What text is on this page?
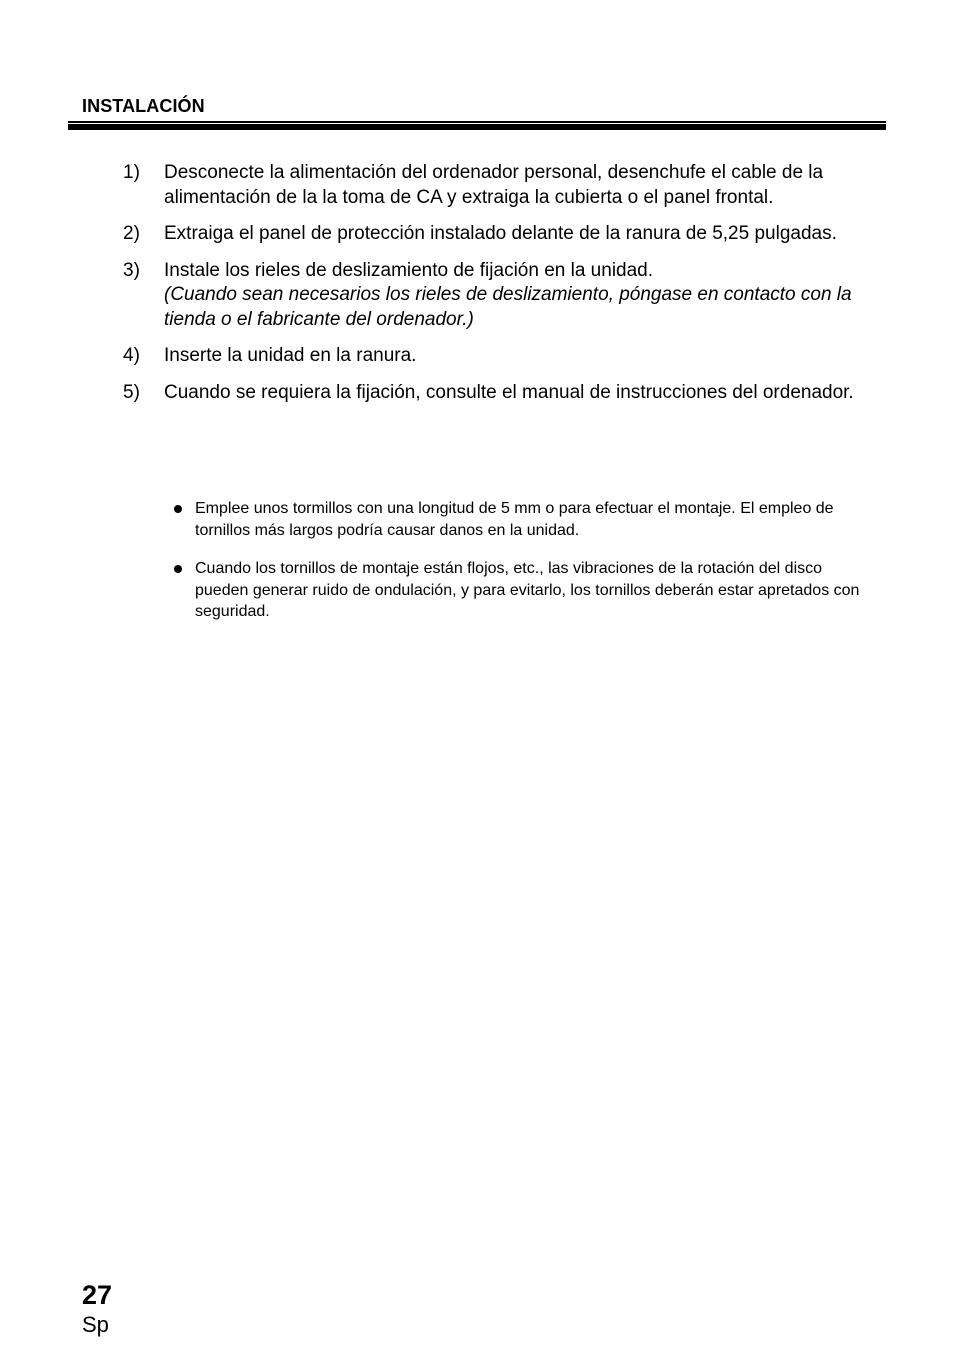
INSTALACIÓN
1) Desconecte la alimentación del ordenador personal, desenchufe el cable de la alimentación de la la toma de CA y extraiga la cubierta o el panel frontal.
2) Extraiga el panel de protección instalado delante de la ranura de 5,25 pulgadas.
3) Instale los rieles de deslizamiento de fijación en la unidad.
(Cuando sean necesarios los rieles de deslizamiento, póngase en contacto con la tienda o el fabricante del ordenador.)
4) Inserte la unidad en la ranura.
5) Cuando se requiera la fijación, consulte el manual de instrucciones del ordenador.
Emplee unos tormillos con una longitud de 5 mm o para efectuar el montaje. El empleo de tornillos más largos podría causar danos en la unidad.
Cuando los tornillos de montaje están flojos, etc., las vibraciones de la rotación del disco pueden generar ruido de ondulación, y para evitarlo, los tornillos deberán estar apretados con seguridad.
27
Sp
